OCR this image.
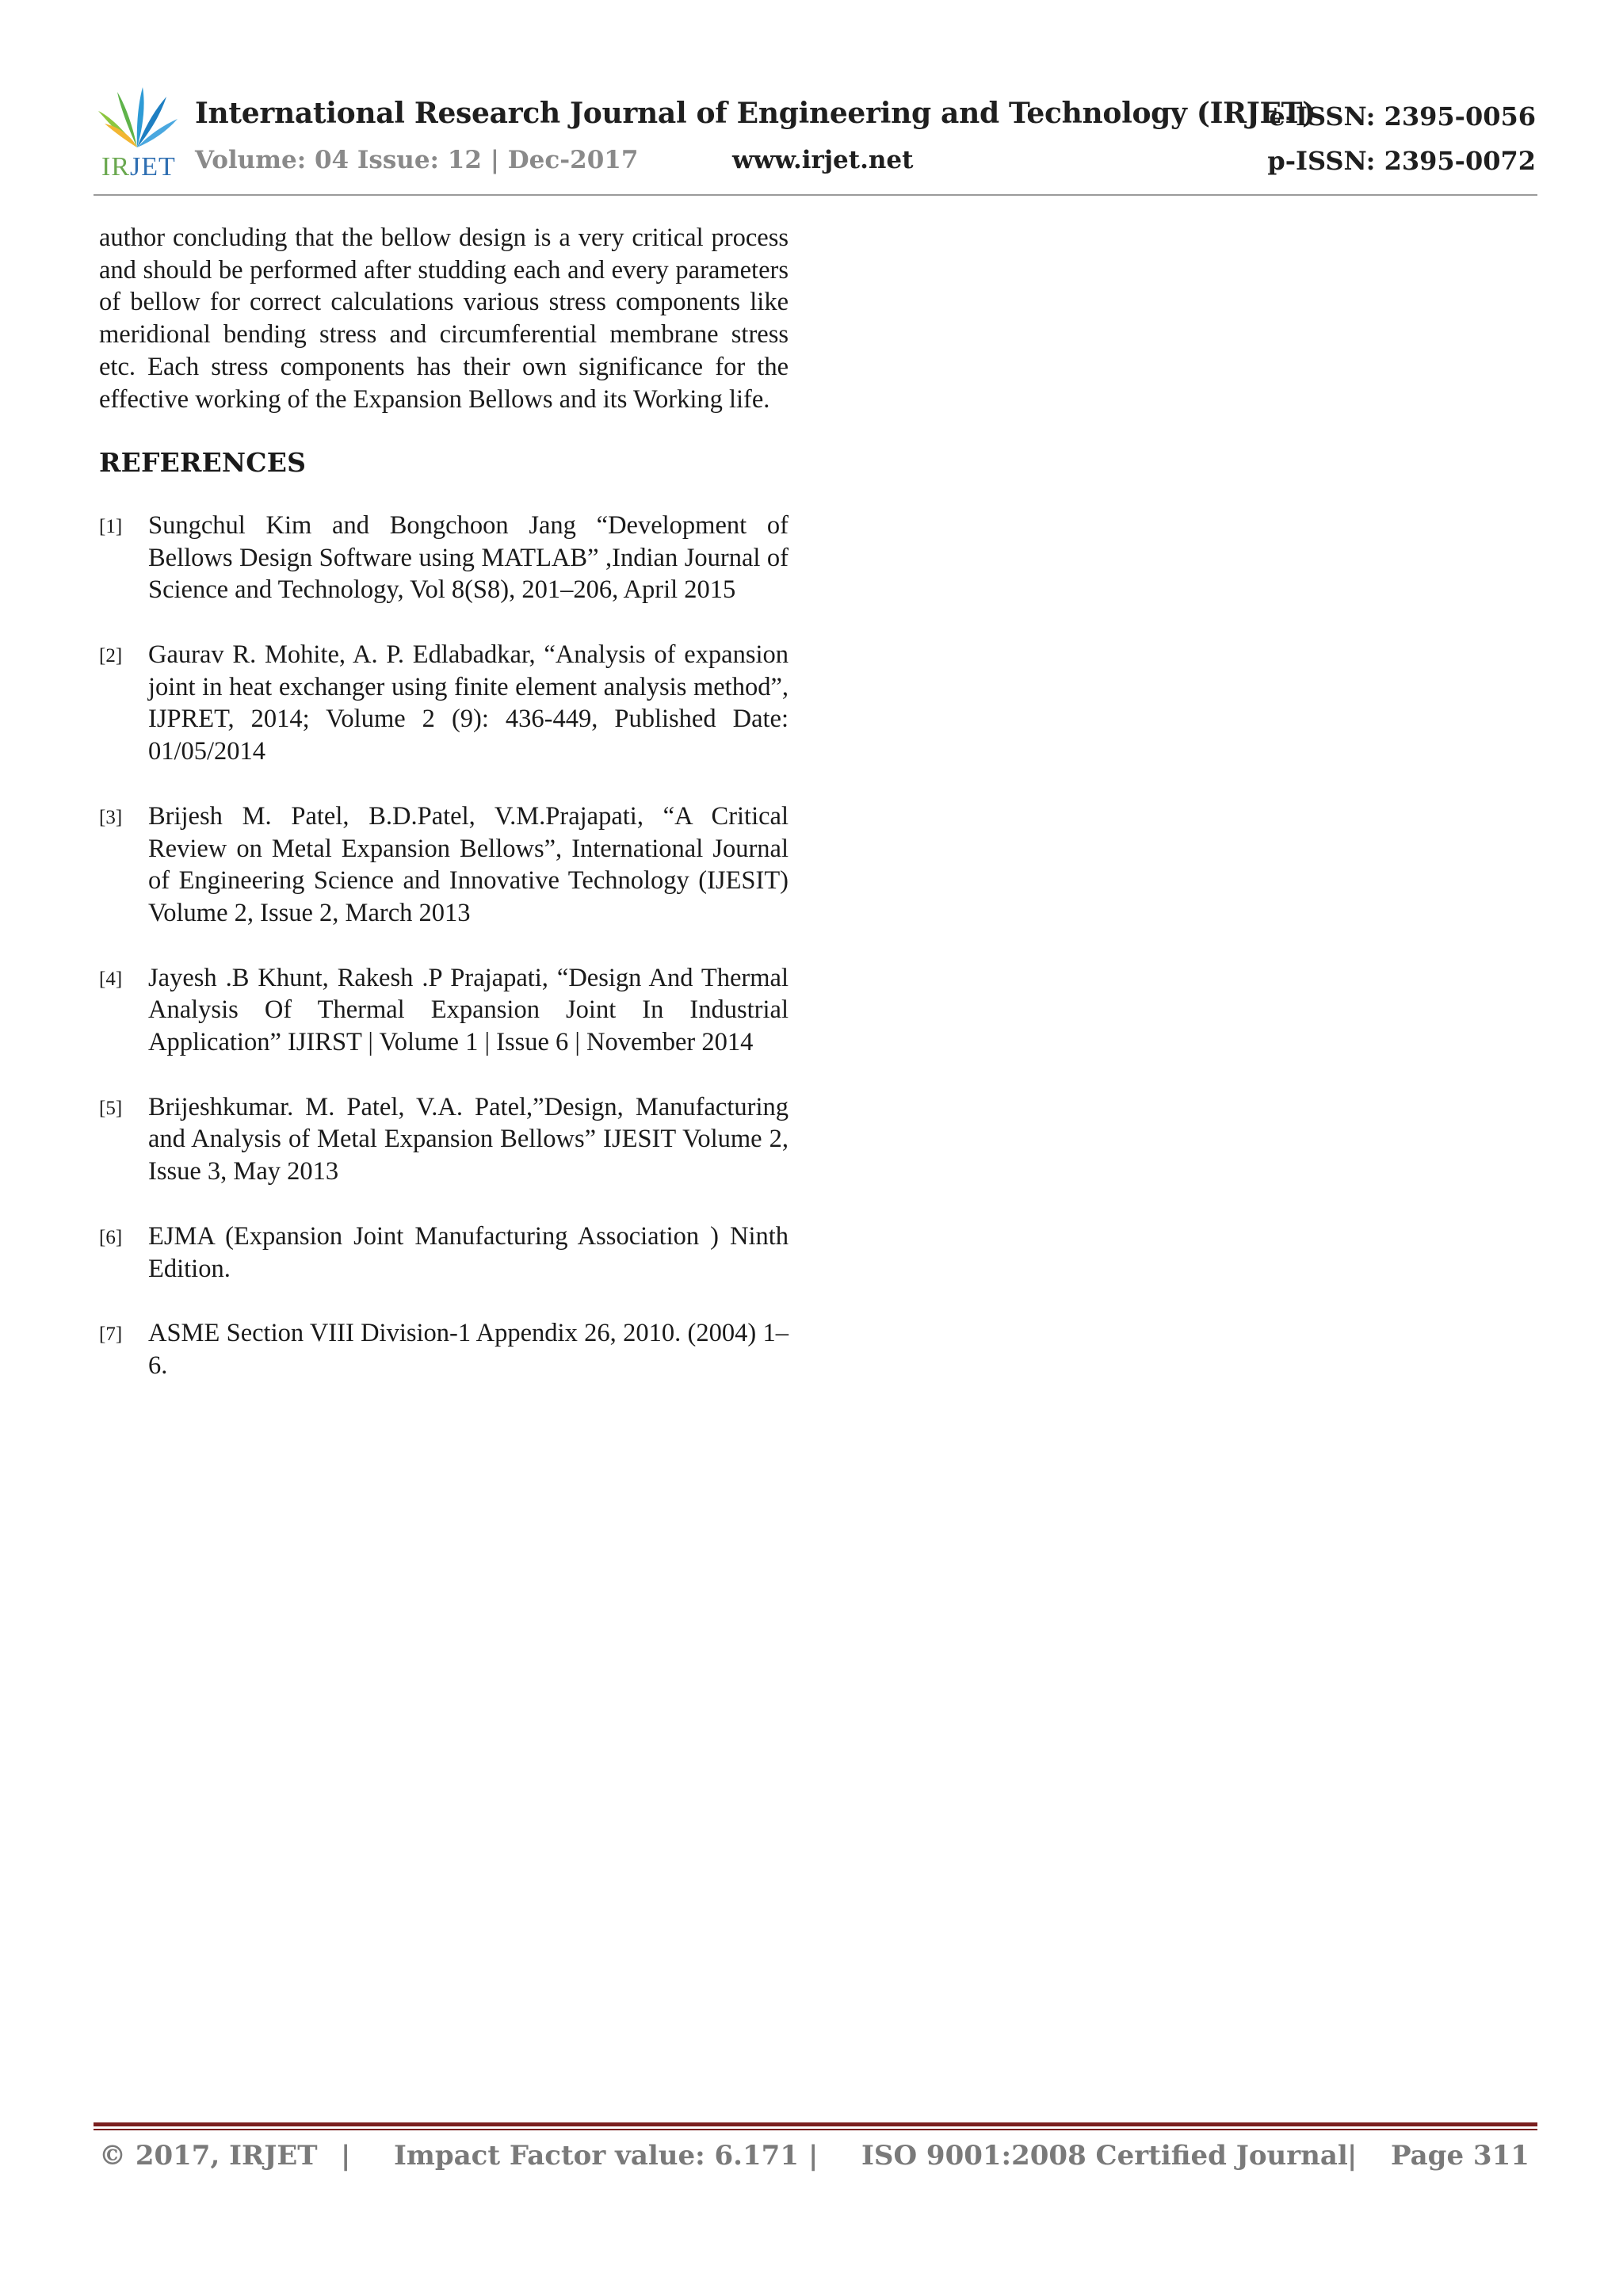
IRJET
International Research Journal of Engineering and Technology (IRJET)
e-ISSN: 2395-0056
Volume: 04 Issue: 12 | Dec-2017	www.irjet.net	p-ISSN: 2395-0072

author concluding that the bellow design is a very critical process and should be performed after studding each and every parameters of bellow for correct calculations various stress components like meridional bending stress and circumferential membrane stress etc. Each stress components has their own significance for the effective working of the Expansion Bellows and its Working life.

REFERENCES
[1] Sungchul Kim and Bongchoon Jang “Development of Bellows Design Software using MATLAB” ,Indian Journal of Science and Technology, Vol 8(S8), 201–206, April 2015
[2] Gaurav R. Mohite, A. P. Edlabadkar, “Analysis of expansion joint in heat exchanger using finite element analysis method”, IJPRET, 2014; Volume 2 (9): 436-449, Published Date: 01/05/2014
[3] Brijesh M. Patel, B.D.Patel, V.M.Prajapati, “A Critical Review on Metal Expansion Bellows”, International Journal of Engineering Science and Innovative Technology (IJESIT) Volume 2, Issue 2, March 2013
[4] Jayesh .B Khunt, Rakesh .P Prajapati, “Design And Thermal Analysis Of Thermal Expansion Joint In Industrial Application” IJIRST | Volume 1 | Issue 6 | November 2014
[5] Brijeshkumar. M. Patel, V.A. Patel,”Design, Manufacturing and Analysis of Metal Expansion Bellows” IJESIT Volume 2, Issue 3, May 2013
[6] EJMA (Expansion Joint Manufacturing Association ) Ninth Edition.
[7] ASME Section VIII Division-1 Appendix 26, 2010. (2004) 1–6.
© 2017, IRJET | Impact Factor value: 6.171 | ISO 9001:2008 Certified Journal | Page 311
